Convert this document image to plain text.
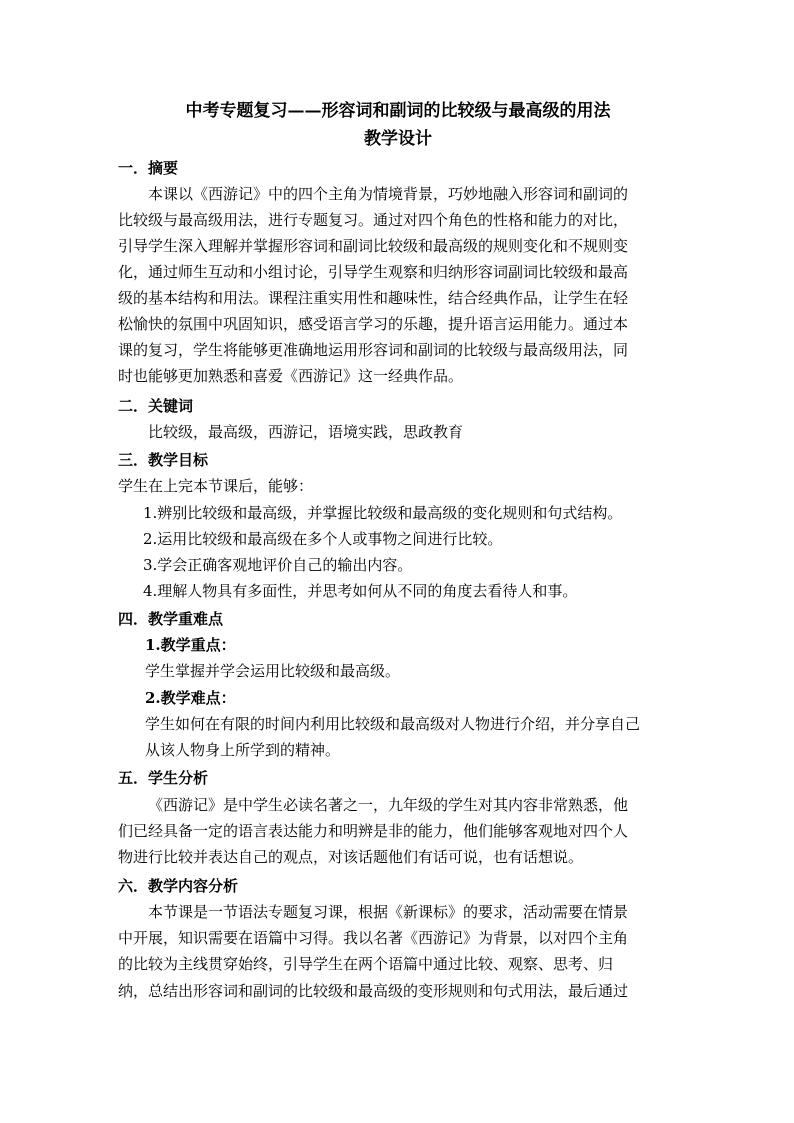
中考专题复习——形容词和副词的比较级与最高级的用法
教学设计
一．摘要
本课以《西游记》中的四个主角为情境背景，巧妙地融入形容词和副词的
比较级与最高级用法，进行专题复习。通过对四个角色的性格和能力的对比，
引导学生深入理解并掌握形容词和副词比较级和最高级的规则变化和不规则变
化，通过师生互动和小组讨论，引导学生观察和归纳形容词副词比较级和最高
级的基本结构和用法。课程注重实用性和趣味性，结合经典作品，让学生在轻
松愉快的氛围中巩固知识，感受语言学习的乐趣，提升语言运用能力。通过本
课的复习，学生将能够更准确地运用形容词和副词的比较级与最高级用法，同
时也能够更加熟悉和喜爱《西游记》这一经典作品。
二．关键词
比较级，最高级，西游记，语境实践，思政教育
三．教学目标
学生在上完本节课后，能够：
1.辨别比较级和最高级，并掌握比较级和最高级的变化规则和句式结构。
2.运用比较级和最高级在多个人或事物之间进行比较。
3.学会正确客观地评价自己的输出内容。
4.理解人物具有多面性，并思考如何从不同的角度去看待人和事。
四．教学重难点
1.教学重点：
学生掌握并学会运用比较级和最高级。
2.教学难点：
学生如何在有限的时间内利用比较级和最高级对人物进行介绍，并分享自己
从该人物身上所学到的精神。
五．学生分析
《西游记》是中学生必读名著之一，九年级的学生对其内容非常熟悉，他
们已经具备一定的语言表达能力和明辨是非的能力，他们能够客观地对四个人
物进行比较并表达自己的观点，对该话题他们有话可说，也有话想说。
六．教学内容分析
本节课是一节语法专题复习课，根据《新课标》的要求，活动需要在情景
中开展，知识需要在语篇中习得。我以名著《西游记》为背景，以对四个主角
的比较为主线贯穿始终，引导学生在两个语篇中通过比较、观察、思考、归
纳，总结出形容词和副词的比较级和最高级的变形规则和句式用法，最后通过
